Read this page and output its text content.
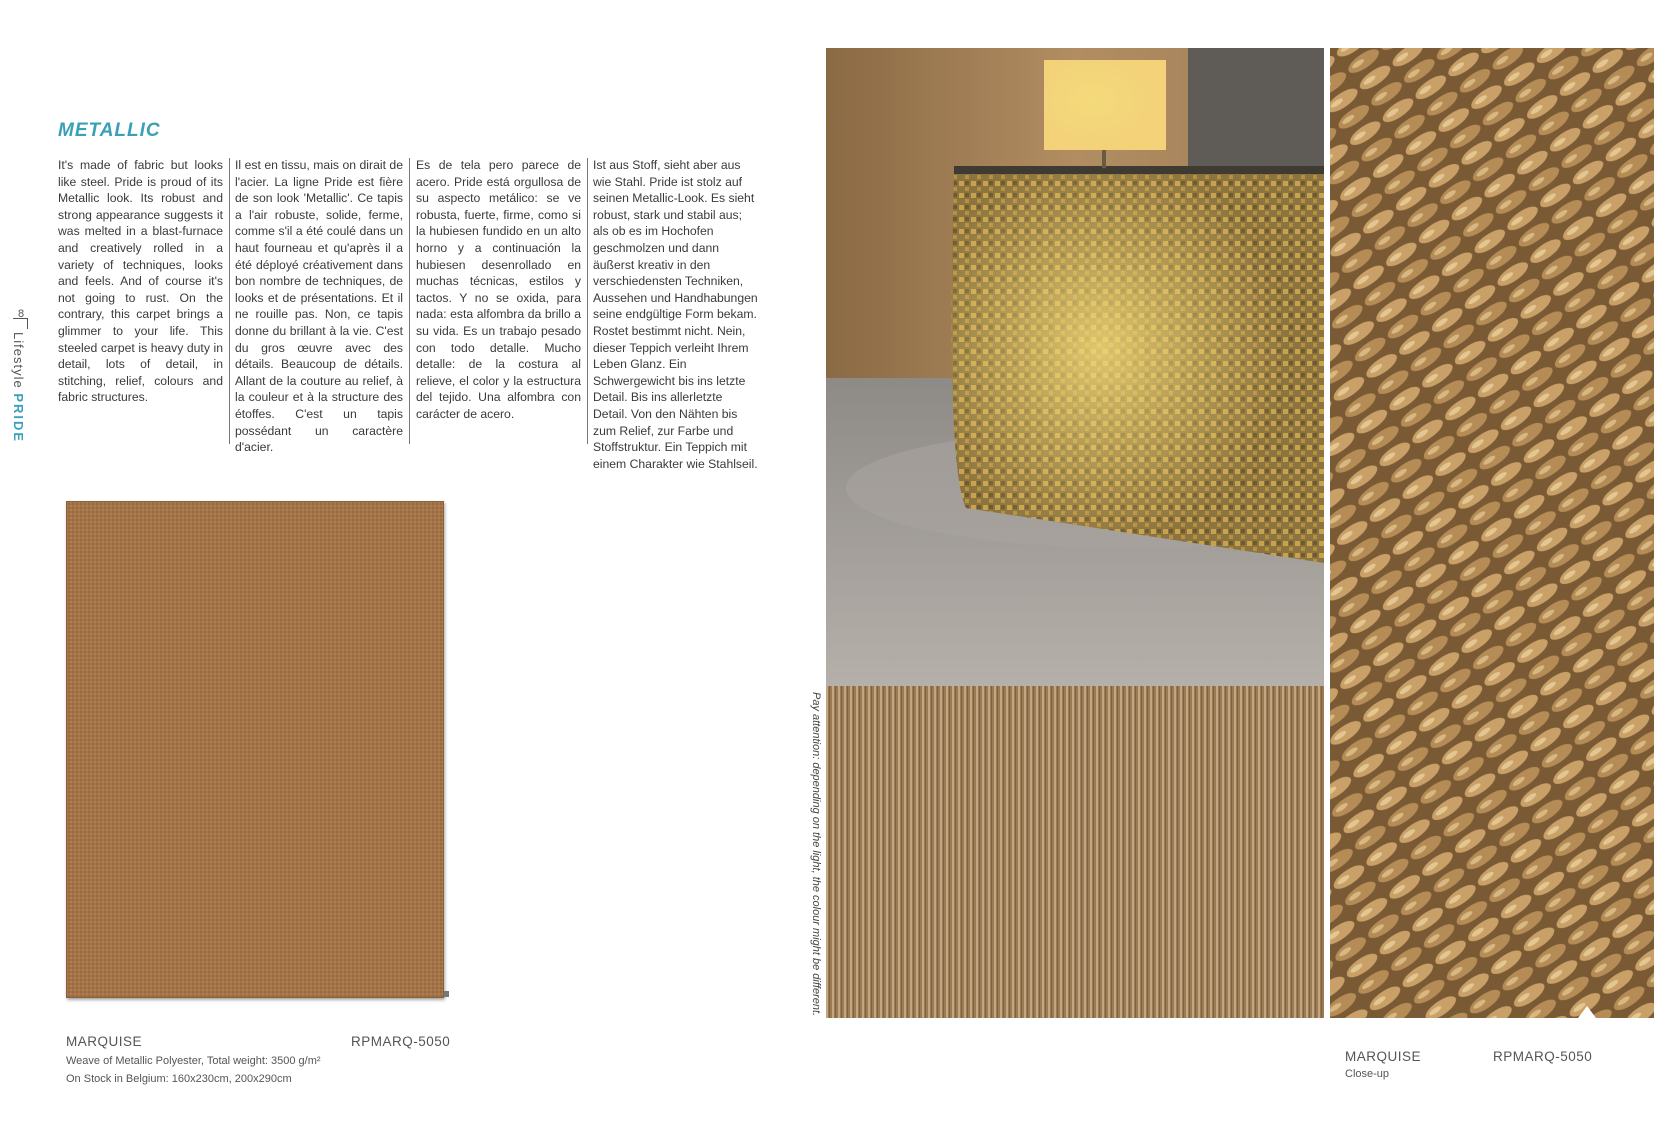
8
Lifestyle PRIDE
METALLIC
It's made of fabric but looks like steel. Pride is proud of its Metallic look. Its robust and strong appearance suggests it was melted in a blast-furnace and creatively rolled in a variety of techniques, looks and feels. And of course it's not going to rust. On the contrary, this carpet brings a glimmer to your life. This steeled carpet is heavy duty in detail, lots of detail, in stitching, relief, colours and fabric structures.
Il est en tissu, mais on dirait de l'acier. La ligne Pride est fière de son look 'Metallic'. Ce tapis a l'air robuste, solide, ferme, comme s'il a été coulé dans un haut fourneau et qu'après il a été déployé créativement dans bon nombre de techniques, de looks et de présentations. Et il ne rouille pas. Non, ce tapis donne du brillant à la vie. C'est du gros œuvre avec des détails. Beaucoup de détails. Allant de la couture au relief, à la couleur et à la structure des étoffes. C'est un tapis possédant un caractère d'acier.
Es de tela pero parece de acero. Pride está orgullosa de su aspecto metálico: se ve robusta, fuerte, firme, como si la hubiesen fundido en un alto horno y a continuación la hubiesen desenrollado en muchas técnicas, estilos y tactos. Y no se oxida, para nada: esta alfombra da brillo a su vida. Es un trabajo pesado con todo detalle. Mucho detalle: de la costura al relieve, el color y la estructura del tejido. Una alfombra con carácter de acero.
Ist aus Stoff, sieht aber aus wie Stahl. Pride ist stolz auf seinen Metallic-Look. Es sieht robust, stark und stabil aus; als ob es im Hochofen geschmolzen und dann äußerst kreativ in den verschiedensten Techniken, Aussehen und Handhabungen seine endgültige Form bekam. Rostet bestimmt nicht. Nein, dieser Teppich verleiht Ihrem Leben Glanz. Ein Schwergewicht bis ins letzte Detail. Bis ins allerletzte Detail. Von den Nähten bis zum Relief, zur Farbe und Stoffstruktur. Ein Teppich mit einem Charakter wie Stahlseil.
MARQUISE	RPMARQ-5050
Weave of Metallic Polyester, Total weight: 3500 g/m²
On Stock in Belgium: 160x230cm, 200x290cm
Pay attention: depending on the light, the colour might be different.
MARQUISE	RPMARQ-5050
Close-up
